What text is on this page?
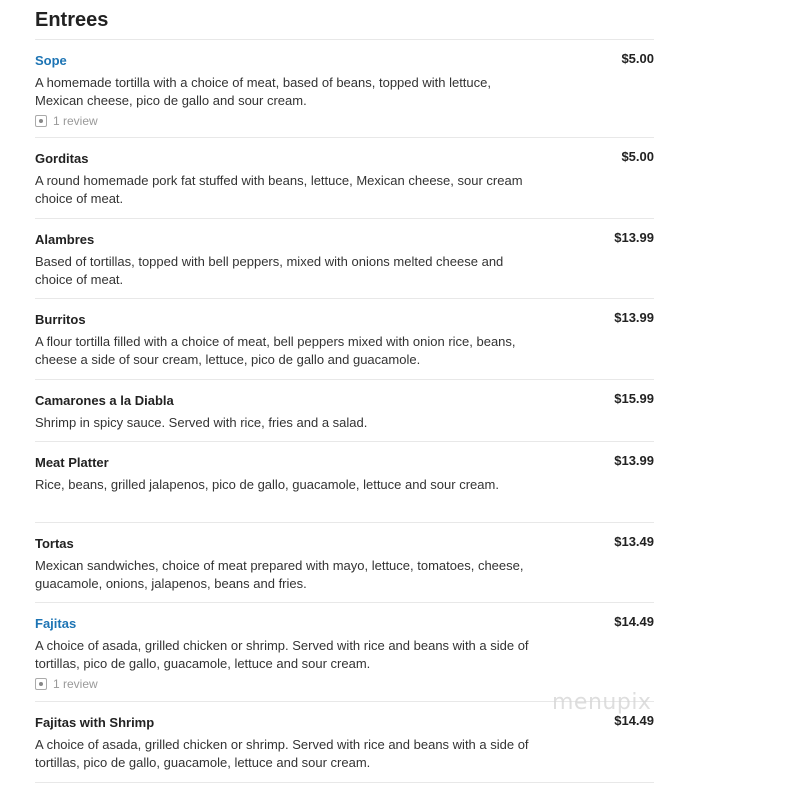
Entrees
Sope	$5.00

A homemade tortilla with a choice of meat, based of beans, topped with lettuce, Mexican cheese, pico de gallo and sour cream.

1 review
Gorditas	$5.00

A round homemade pork fat stuffed with beans, lettuce, Mexican cheese, sour cream choice of meat.

Alambres	$13.99

Based of tortillas, topped with bell peppers, mixed with onions melted cheese and choice of meat.

Burritos	$13.99

A flour tortilla filled with a choice of meat, bell peppers mixed with onion rice, beans, cheese a side of sour cream, lettuce, pico de gallo and guacamole.

Camarones a la Diabla	$15.99

Shrimp in spicy sauce. Served with rice, fries and a salad.

Meat Platter	$13.99

Rice, beans, grilled jalapenos, pico de gallo, guacamole, lettuce and sour cream.

Tortas	$13.49

Mexican sandwiches, choice of meat prepared with mayo, lettuce, tomatoes, cheese, guacamole, onions, jalapenos, beans and fries.

Fajitas	$14.49

A choice of asada, grilled chicken or shrimp. Served with rice and beans with a side of tortillas, pico de gallo, guacamole, lettuce and sour cream.

1 review
Fajitas with Shrimp	$14.49

A choice of asada, grilled chicken or shrimp. Served with rice and beans with a side of tortillas, pico de gallo, guacamole, lettuce and sour cream.

menupix
